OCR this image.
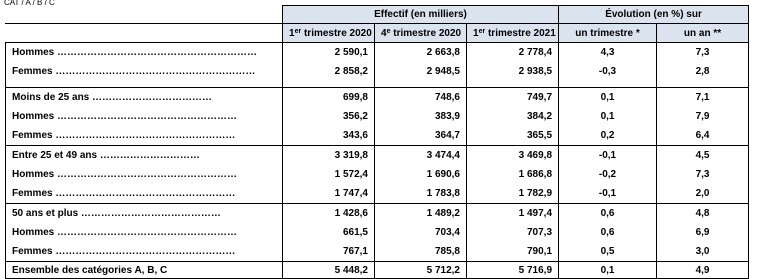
CAT / A / B / C
	Effectif (en milliers)			Évolution (en %) sur	
	1er trimestre 2020	4e trimestre 2020	1er trimestre 2021	un trimestre *	un an **
Hommes ……………………………………………………	2 590,1	2 663,8	2 778,4	4,3	7,3
Femmes ……………………………………………………	2 858,2	2 948,5	2 938,5	-0,3	2,8

Moins de 25 ans ………………………………	699,8	748,6	749,7	0,1	7,1
Hommes ………………………………………………	356,2	383,9	384,2	0,1	7,9
Femmes ………………………………………………	343,6	364,7	365,5	0,2	6,4
Entre 25 et 49 ans …………………………	3 319,8	3 474,4	3 469,8	-0,1	4,5
Hommes ………………………………………………	1 572,4	1 690,6	1 686,8	-0,2	7,3
Femmes ………………………………………………	1 747,4	1 783,8	1 782,9	-0,1	2,0
50 ans et plus ……………………………………	1 428,6	1 489,2	1 497,4	0,6	4,8
Hommes ………………………………………………	661,5	703,4	707,3	0,6	6,9
Femmes ………………………………………………	767,1	785,8	790,1	0,5	3,0
Ensemble des catégories A, B, C	5 448,2	5 712,2	5 716,9	0,1	4,9
